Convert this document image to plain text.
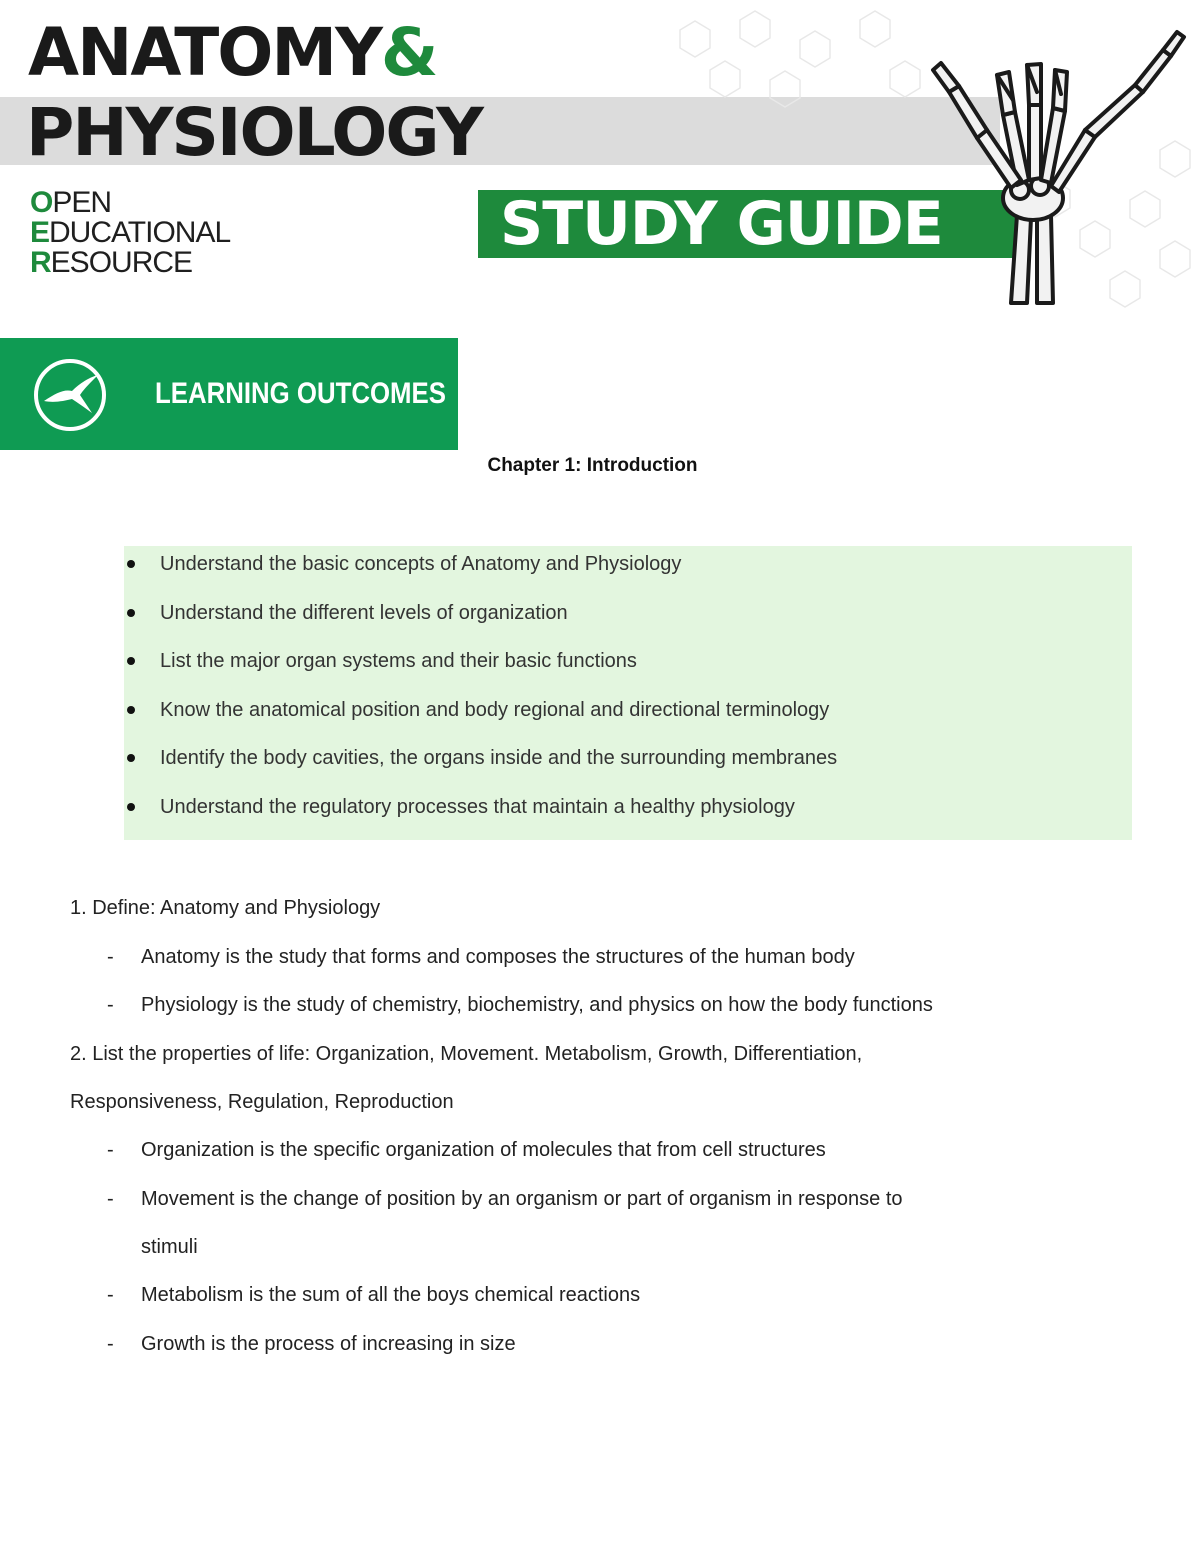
ANATOMY&
PHYSIOLOGY
OPEN
EDUCATIONAL
RESOURCE
STUDY GUIDE
LEARNING OUTCOMES
Chapter 1: Introduction
Understand the basic concepts of Anatomy and Physiology
Understand the different levels of organization
List the major organ systems and their basic functions
Know the anatomical position and body regional and directional terminology
Identify the body cavities, the organs inside and the surrounding membranes
Understand the regulatory processes that maintain a healthy physiology
1. Define: Anatomy and Physiology
- Anatomy is the study that forms and composes the structures of the human body
- Physiology is the study of chemistry, biochemistry, and physics on how the body functions
2. List the properties of life: Organization, Movement. Metabolism, Growth, Differentiation,
Responsiveness, Regulation, Reproduction
- Organization is the specific organization of molecules that from cell structures
- Movement is the change of position by an organism or part of organism in response to
stimuli
- Metabolism is the sum of all the boys chemical reactions
- Growth is the process of increasing in size
